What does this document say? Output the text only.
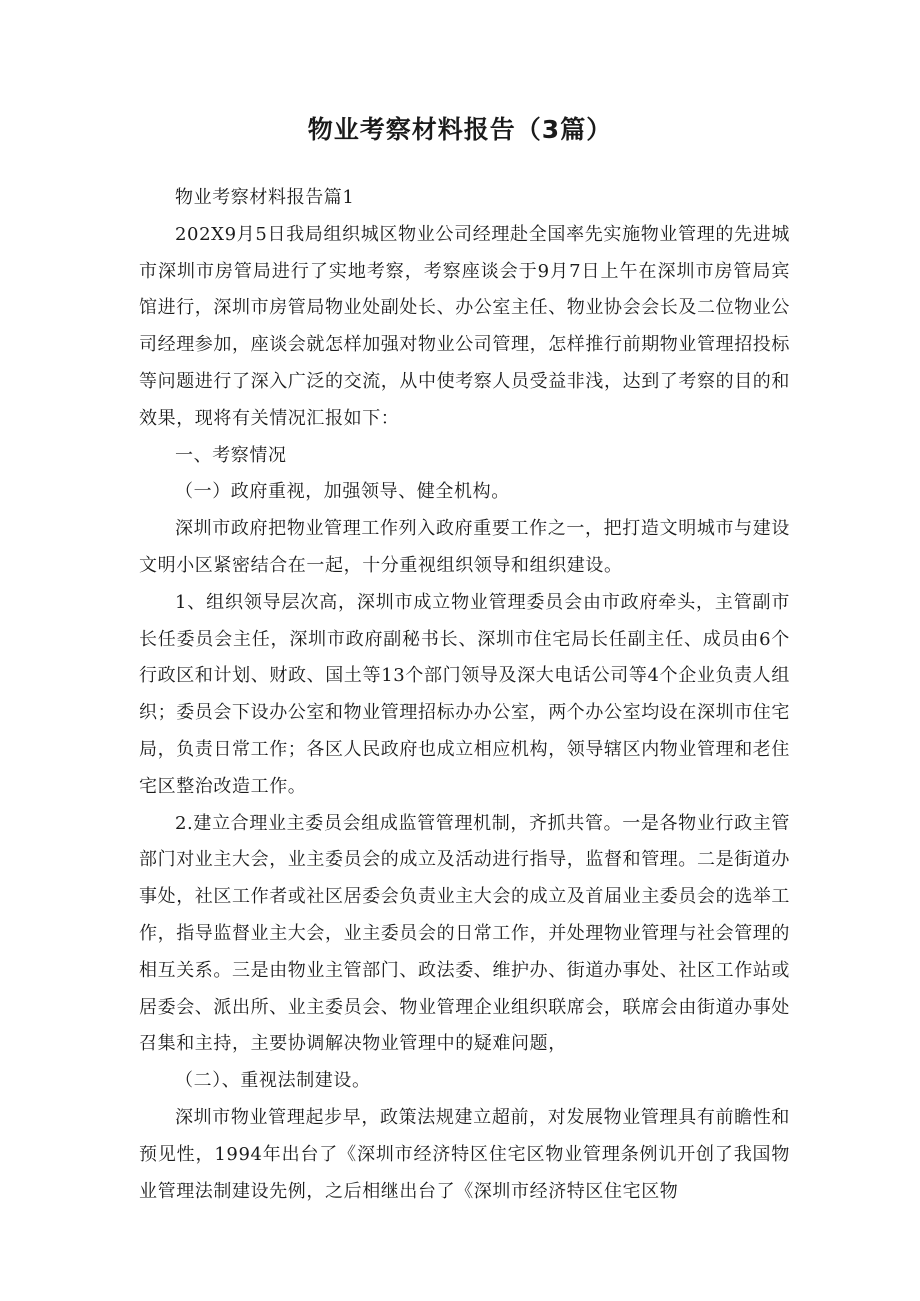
物业考察材料报告（3篇）

物业考察材料报告篇1

202X9月5日我局组织城区物业公司经理赴全国率先实施物业管理的先进城市深圳市房管局进行了实地考察，考察座谈会于9月7日上午在深圳市房管局宾馆进行，深圳市房管局物业处副处长、办公室主任、物业协会会长及二位物业公司经理参加，座谈会就怎样加强对物业公司管理，怎样推行前期物业管理招投标等问题进行了深入广泛的交流，从中使考察人员受益非浅，达到了考察的目的和效果，现将有关情况汇报如下：

一、考察情况

（一）政府重视，加强领导、健全机构。

深圳市政府把物业管理工作列入政府重要工作之一，把打造文明城市与建设文明小区紧密结合在一起，十分重视组织领导和组织建设。

1、组织领导层次高，深圳市成立物业管理委员会由市政府牵头，主管副市长任委员会主任，深圳市政府副秘书长、深圳市住宅局长任副主任、成员由6个行政区和计划、财政、国土等13个部门领导及深大电话公司等4个企业负责人组织；委员会下设办公室和物业管理招标办办公室，两个办公室均设在深圳市住宅局，负责日常工作；各区人民政府也成立相应机构，领导辖区内物业管理和老住宅区整治改造工作。

2.建立合理业主委员会组成监管管理机制，齐抓共管。一是各物业行政主管部门对业主大会，业主委员会的成立及活动进行指导，监督和管理。二是街道办事处，社区工作者或社区居委会负责业主大会的成立及首届业主委员会的选举工作，指导监督业主大会，业主委员会的日常工作，并处理物业管理与社会管理的相互关系。三是由物业主管部门、政法委、维护办、街道办事处、社区工作站或居委会、派出所、业主委员会、物业管理企业组织联席会，联席会由街道办事处召集和主持，主要协调解决物业管理中的疑难问题，

（二）、重视法制建设。

深圳市物业管理起步早，政策法规建立超前，对发展物业管理具有前瞻性和预见性，1994年出台了《深圳市经济特区住宅区物业管理条例讥开创了我国物业管理法制建设先例，之后相继出台了《深圳市经济特区住宅区物
